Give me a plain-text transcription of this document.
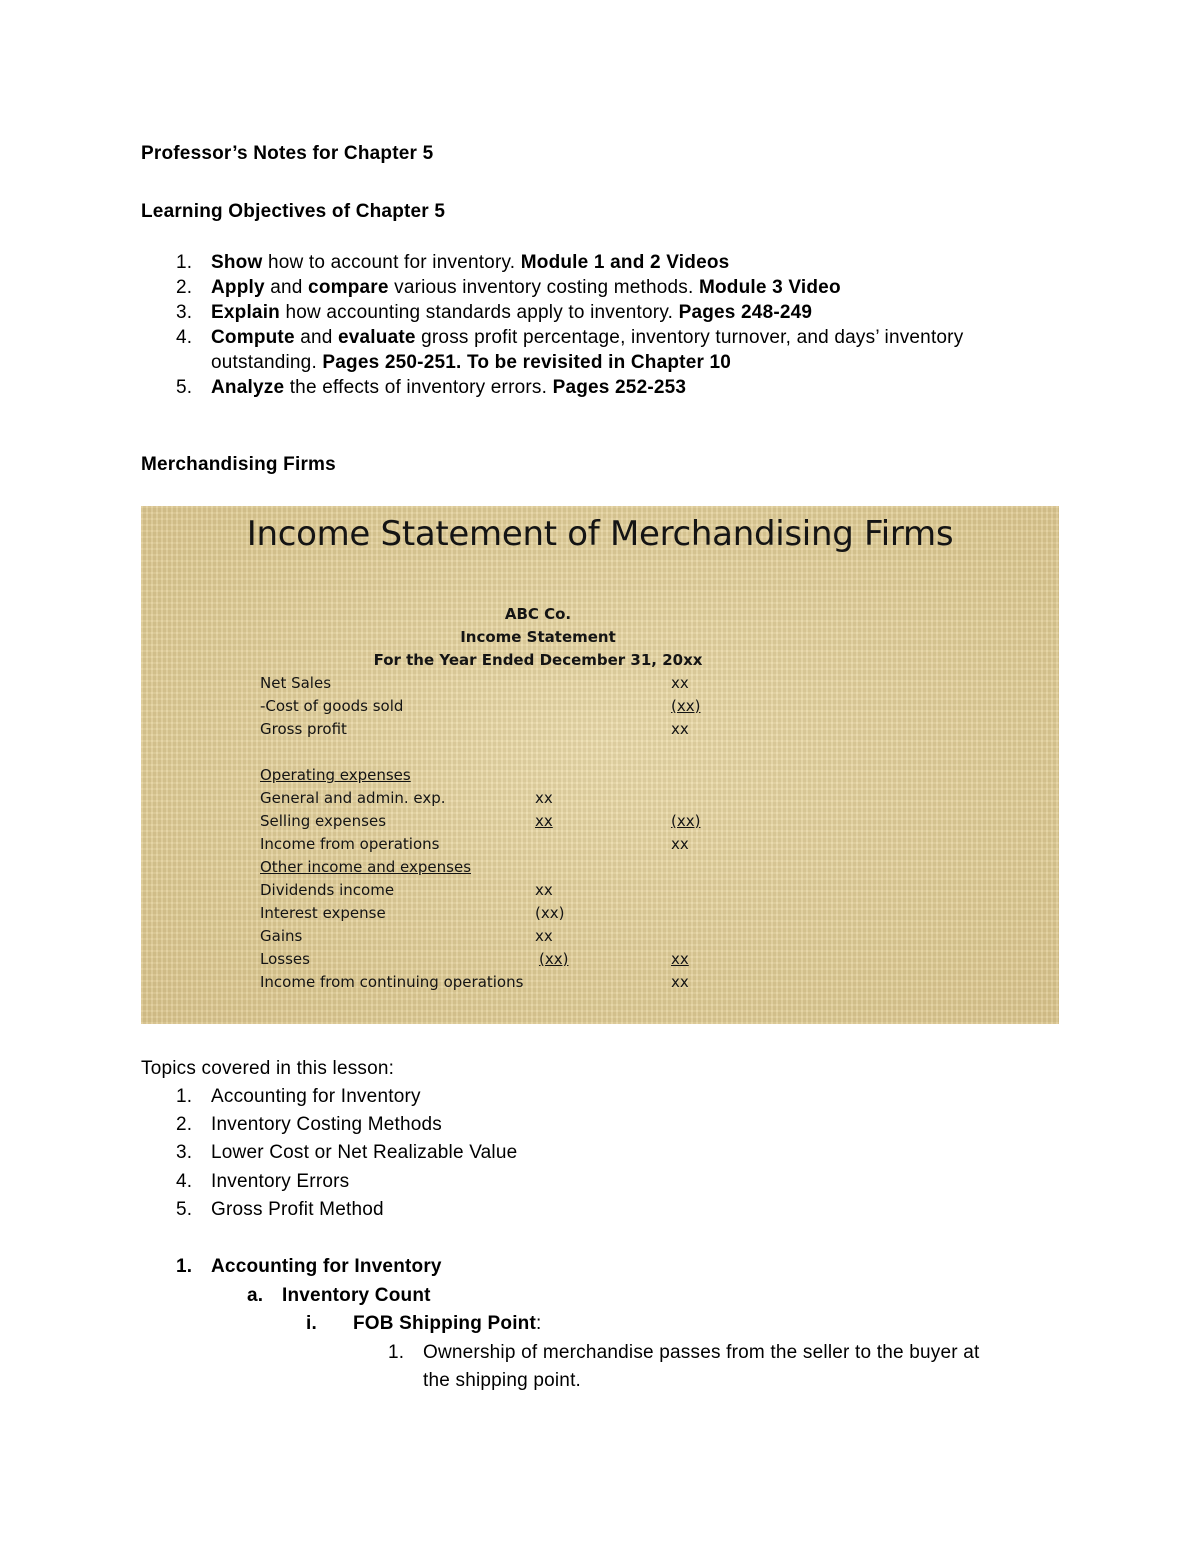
Professor’s Notes for Chapter 5
Learning Objectives of Chapter 5
1. Show how to account for inventory. Module 1 and 2 Videos
2. Apply and compare various inventory costing methods. Module 3 Video
3. Explain how accounting standards apply to inventory. Pages 248-249
4. Compute and evaluate gross profit percentage, inventory turnover, and days’ inventory
outstanding. Pages 250-251. To be revisited in Chapter 10
5. Analyze the effects of inventory errors. Pages 252-253
Merchandising Firms
Income Statement of Merchandising Firms
ABC Co.
Income Statement
For the Year Ended December 31, 20xx
Net Sales	xx
-Cost of goods sold	(xx)
Gross profit	xx
Operating expenses
General and admin. exp.	xx
Selling expenses	xx	(xx)
Income from operations	xx
Other income and expenses
Dividends income	xx
Interest expense	(xx)
Gains	xx
Losses	(xx)	xx
Income from continuing operations	xx
Topics covered in this lesson:
1. Accounting for Inventory
2. Inventory Costing Methods
3. Lower Cost or Net Realizable Value
4. Inventory Errors
5. Gross Profit Method
1. Accounting for Inventory
a. Inventory Count
i. FOB Shipping Point:
1. Ownership of merchandise passes from the seller to the buyer at
the shipping point.
